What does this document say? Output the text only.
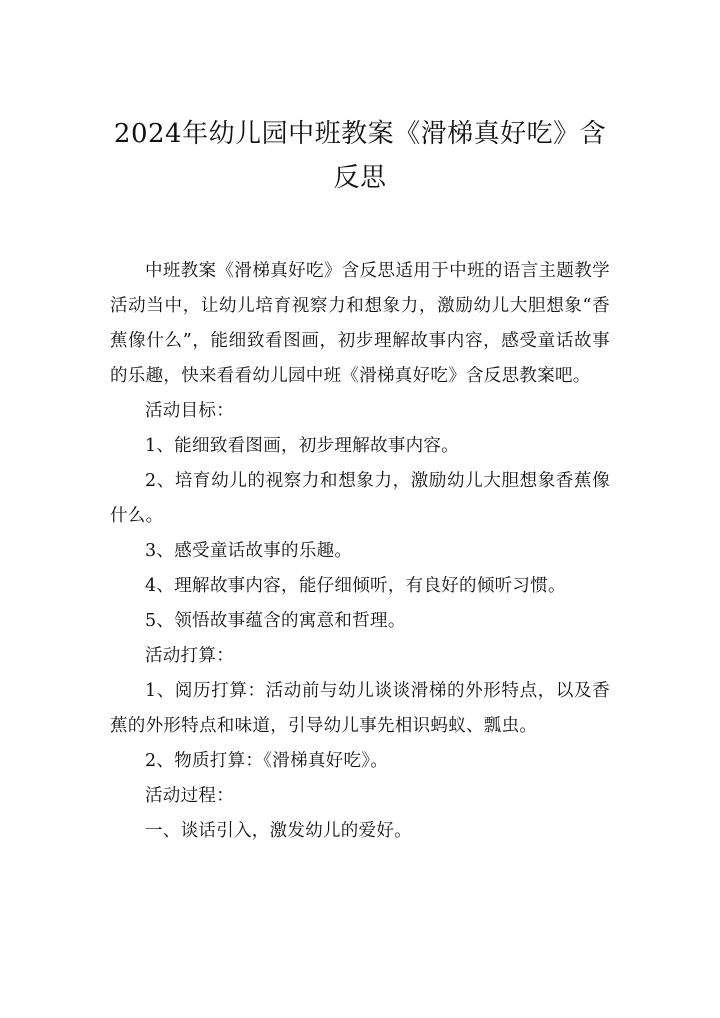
2024年幼儿园中班教案《滑梯真好吃》含反思

中班教案《滑梯真好吃》含反思适用于中班的语言主题教学活动当中，让幼儿培育视察力和想象力，激励幼儿大胆想象“香蕉像什么”，能细致看图画，初步理解故事内容，感受童话故事的乐趣，快来看看幼儿园中班《滑梯真好吃》含反思教案吧。

活动目标：

1、能细致看图画，初步理解故事内容。

2、培育幼儿的视察力和想象力，激励幼儿大胆想象香蕉像什么。

3、感受童话故事的乐趣。

4、理解故事内容，能仔细倾听，有良好的倾听习惯。

5、领悟故事蕴含的寓意和哲理。

活动打算：

1、阅历打算：活动前与幼儿谈谈滑梯的外形特点，以及香蕉的外形特点和味道，引导幼儿事先相识蚂蚁、瓢虫。

2、物质打算：《滑梯真好吃》。

活动过程：

一、谈话引入，激发幼儿的爱好。
